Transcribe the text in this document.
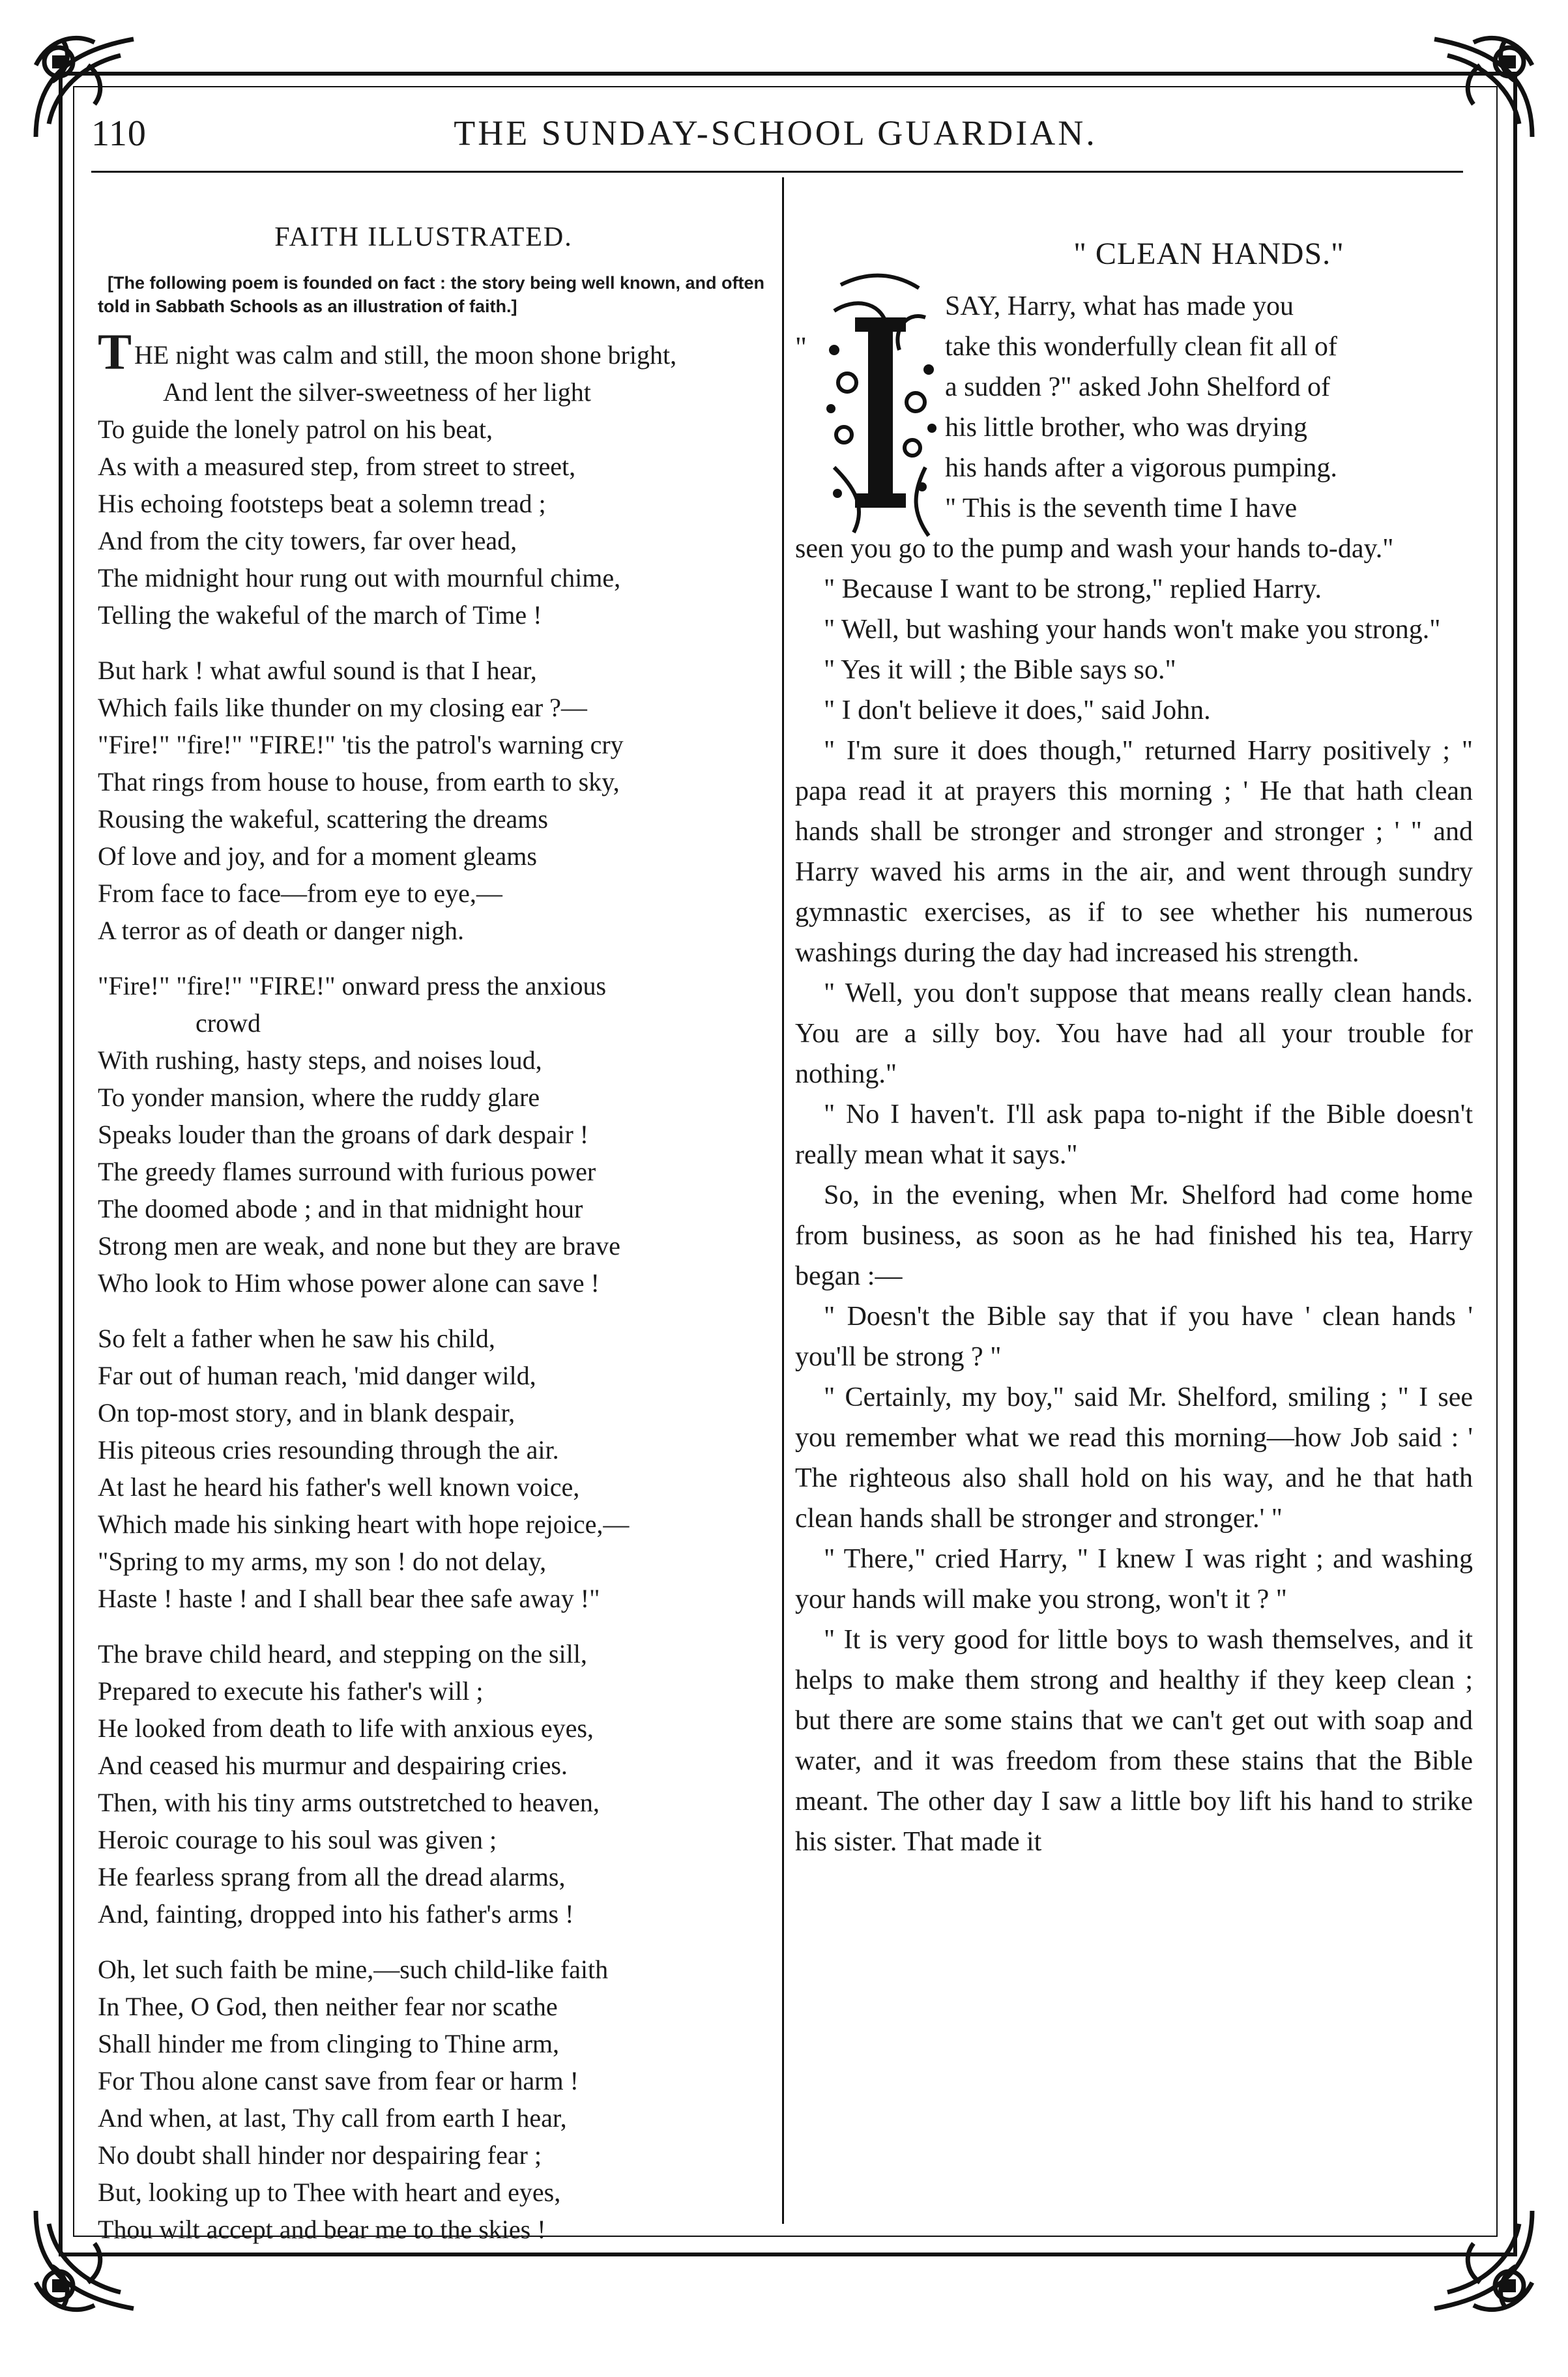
110	THE SUNDAY-SCHOOL GUARDIAN.
FAITH ILLUSTRATED.
[The following poem is founded on fact : the story being well known, and often told in Sabbath Schools as an illustration of faith.]
THE night was calm and still, the moon shone bright,
And lent the silver-sweetness of her light
To guide the lonely patrol on his beat,
As with a measured step, from street to street,
His echoing footsteps beat a solemn tread ;
And from the city towers, far over head,
The midnight hour rung out with mournful chime,
Telling the wakeful of the march of Time !
But hark ! what awful sound is that I hear,
Which fails like thunder on my closing ear ?—
"Fire!" "fire!" "FIRE!" 'tis the patrol's warning cry
That rings from house to house, from earth to sky,
Rousing the wakeful, scattering the dreams
Of love and joy, and for a moment gleams
From face to face—from eye to eye,—
A terror as of death or danger nigh.
"Fire!" "fire!" "FIRE!" onward press the anxious
crowd
With rushing, hasty steps, and noises loud,
To yonder mansion, where the ruddy glare
Speaks louder than the groans of dark despair !
The greedy flames surround with furious power
The doomed abode ; and in that midnight hour
Strong men are weak, and none but they are brave
Who look to Him whose power alone can save !
So felt a father when he saw his child,
Far out of human reach, 'mid danger wild,
On top-most story, and in blank despair,
His piteous cries resounding through the air.
At last he heard his father's well known voice,
Which made his sinking heart with hope rejoice,—
"Spring to my arms, my son ! do not delay,
Haste ! haste ! and I shall bear thee safe away !"
The brave child heard, and stepping on the sill,
Prepared to execute his father's will ;
He looked from death to life with anxious eyes,
And ceased his murmur and despairing cries.
Then, with his tiny arms outstretched to heaven,
Heroic courage to his soul was given ;
He fearless sprang from all the dread alarms,
And, fainting, dropped into his father's arms !
Oh, let such faith be mine,—such child-like faith
In Thee, O God, then neither fear nor scathe
Shall hinder me from clinging to Thine arm,
For Thou alone canst save from fear or harm !
And when, at last, Thy call from earth I hear,
No doubt shall hinder nor despairing fear ;
But, looking up to Thee with heart and eyes,
Thou wilt accept and bear me to the skies !
" CLEAN HANDS."
"

SAY, Harry, what has made you
take this wonderfully clean fit all of
a sudden ?" asked John Shelford of
his little brother, who was drying
his hands after a vigorous pumping.
" This is the seventh time I have
seen you go to the pump and wash your hands to-day."

" Because I want to be strong," replied Harry.

" Well, but washing your hands won't make you strong."

" Yes it will ; the Bible says so."

" I don't believe it does," said John.

" I'm sure it does though," returned Harry positively ; " papa read it at prayers this morning ; ' He that hath clean hands shall be stronger and stronger and stronger ; ' " and Harry waved his arms in the air, and went through sundry gymnastic exercises, as if to see whether his numerous washings during the day had increased his strength.

" Well, you don't suppose that means really clean hands. You are a silly boy. You have had all your trouble for nothing."

" No I haven't. I'll ask papa to-night if the Bible doesn't really mean what it says."

So, in the evening, when Mr. Shelford had come home from business, as soon as he had finished his tea, Harry began :—

" Doesn't the Bible say that if you have ' clean hands ' you'll be strong ? "

" Certainly, my boy," said Mr. Shelford, smiling ; " I see you remember what we read this morning—how Job said : ' The righteous also shall hold on his way, and he that hath clean hands shall be stronger and stronger.' "

" There," cried Harry, " I knew I was right ; and washing your hands will make you strong, won't it ? "

" It is very good for little boys to wash themselves, and it helps to make them strong and healthy if they keep clean ; but there are some stains that we can't get out with soap and water, and it was freedom from these stains that the Bible meant. The other day I saw a little boy lift his hand to strike his sister. That made it
